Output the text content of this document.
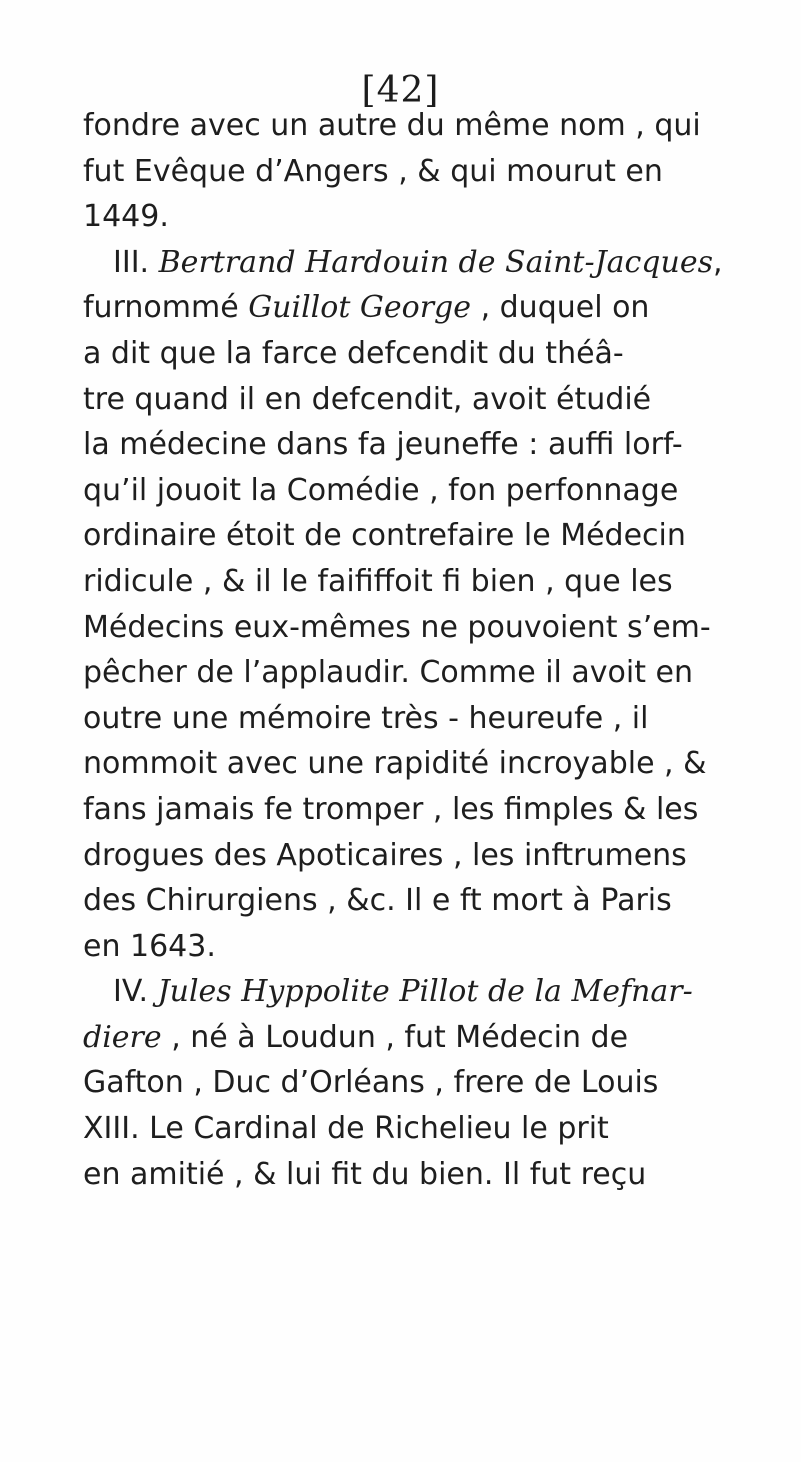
[42]
fondre avec un autre du même nom , qui
fut Evêque d’Angers , & qui mourut en
1449.
III. Bertrand Hardouin de Saint-Jacques,
furnommé Guillot George , duquel on
a dit que la farce defcendit du théâ-
tre quand il en defcendit, avoit étudié
la médecine dans fa jeuneffe : auffi lorf-
qu’il jouoit la Comédie , fon perfonnage
ordinaire étoit de contrefaire le Médecin
ridicule , & il le faififfoit fi bien , que les
Médecins eux-mêmes ne pouvoient s’em-
pêcher de l’applaudir. Comme il avoit en
outre une mémoire très - heureufe , il
nommoit avec une rapidité incroyable , &
fans jamais fe tromper , les fimples & les
drogues des Apoticaires , les inftrumens
des Chirurgiens , &c. Il e ft mort à Paris
en 1643.
IV. Jules Hyppolite Pillot de la Mefnar-
diere , né à Loudun , fut Médecin de
Gafton , Duc d’Orléans , frere de Louis
XIII. Le Cardinal de Richelieu le prit
en amitié , & lui fit du bien. Il fut reçu
